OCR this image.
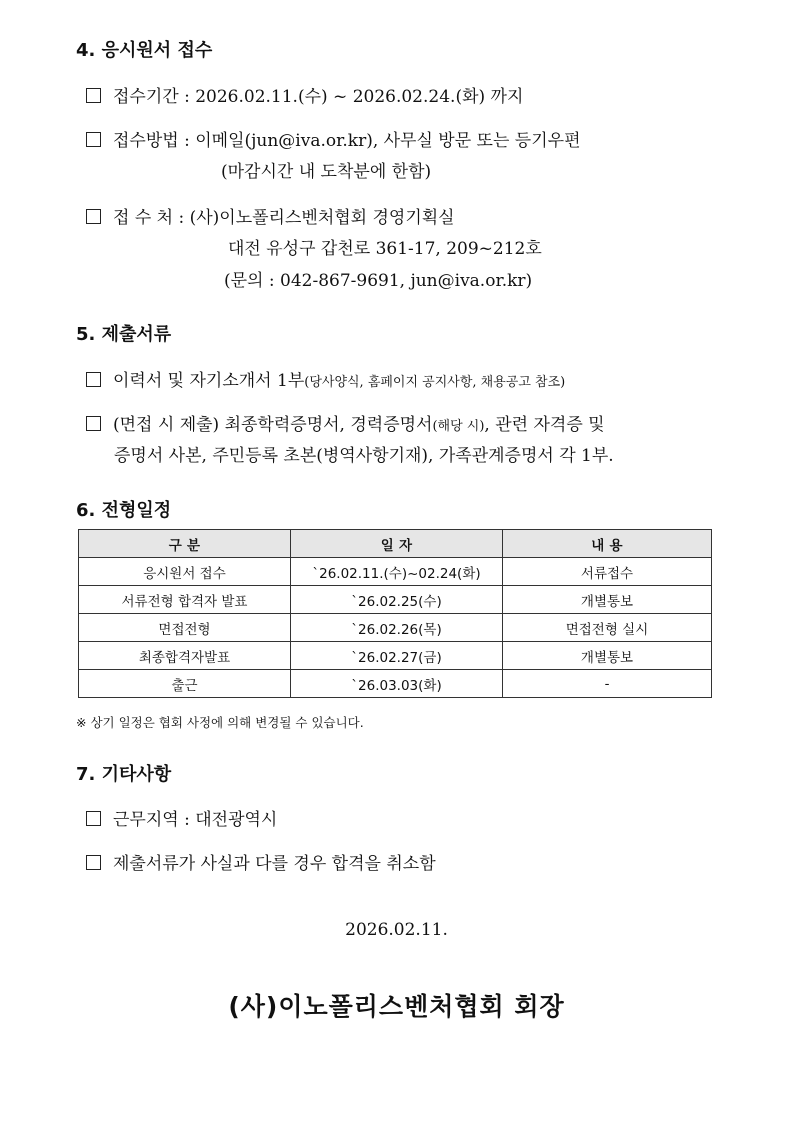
4. 응시원서 접수
접수기간 : 2026.02.11.(수) ~ 2026.02.24.(화) 까지
접수방법 : 이메일(jun@iva.or.kr), 사무실 방문 또는 등기우편
(마감시간 내 도착분에 한함)
접 수 처 : (사)이노폴리스벤처협회 경영기획실
대전 유성구 갑천로 361-17, 209~212호
(문의 : 042-867-9691, jun@iva.or.kr)
5. 제출서류
이력서 및 자기소개서 1부(당사양식, 홈페이지 공지사항, 채용공고 참조)
(면접 시 제출) 최종학력증명서, 경력증명서(해당 시), 관련 자격증 및
증명서 사본, 주민등록 초본(병역사항기재), 가족관계증명서 각 1부.
6. 전형일정
구 분	일 자	내 용
응시원서 접수	`26.02.11.(수)~02.24(화)	서류접수
서류전형 합격자 발표	`26.02.25(수)	개별통보
면접전형	`26.02.26(목)	면접전형 실시
최종합격자발표	`26.02.27(금)	개별통보
출근	`26.03.03(화)	-
※ 상기 일정은 협회 사정에 의해 변경될 수 있습니다.
7. 기타사항
근무지역 : 대전광역시
제출서류가 사실과 다를 경우 합격을 취소함
2026.02.11.
(사)이노폴리스벤처협회 회장
